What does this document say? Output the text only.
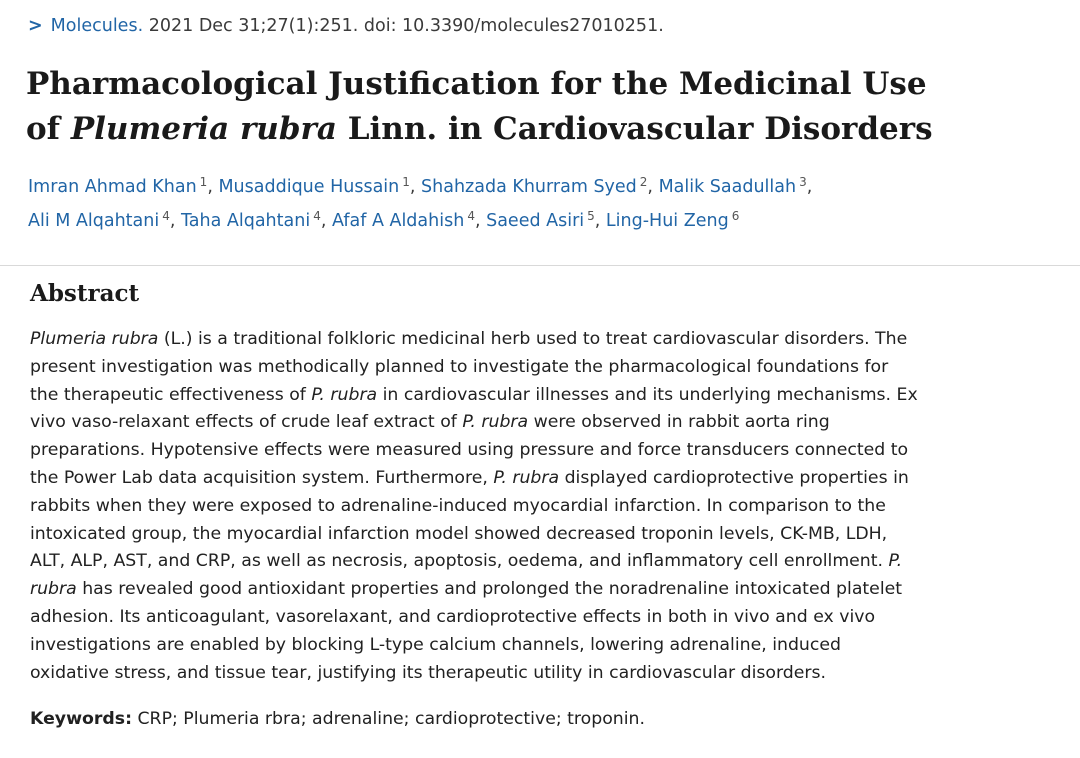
> Molecules. 2021 Dec 31;27(1):251. doi: 10.3390/molecules27010251.
Pharmacological Justification for the Medicinal Use
of Plumeria rubra Linn. in Cardiovascular Disorders
Imran Ahmad Khan $^1$, Musaddique Hussain $^1$, Shahzada Khurram Syed $^2$, Malik Saadullah $^3$,
Ali M Alqahtani $^4$, Taha Alqahtani $^4$, Afaf A Aldahish $^4$, Saeed Asiri $^5$, Ling-Hui Zeng $^6$
Abstract
Plumeria rubra (L.) is a traditional folkloric medicinal herb used to treat cardiovascular disorders. The
present investigation was methodically planned to investigate the pharmacological foundations for
the therapeutic effectiveness of P. rubra in cardiovascular illnesses and its underlying mechanisms. Ex
vivo vaso-relaxant effects of crude leaf extract of P. rubra were observed in rabbit aorta ring
preparations. Hypotensive effects were measured using pressure and force transducers connected to
the Power Lab data acquisition system. Furthermore, P. rubra displayed cardioprotective properties in
rabbits when they were exposed to adrenaline-induced myocardial infarction. In comparison to the
intoxicated group, the myocardial infarction model showed decreased troponin levels, CK-MB, LDH,
ALT, ALP, AST, and CRP, as well as necrosis, apoptosis, oedema, and inflammatory cell enrollment. P.
rubra has revealed good antioxidant properties and prolonged the noradrenaline intoxicated platelet
adhesion. Its anticoagulant, vasorelaxant, and cardioprotective effects in both in vivo and ex vivo
investigations are enabled by blocking L-type calcium channels, lowering adrenaline, induced
oxidative stress, and tissue tear, justifying its therapeutic utility in cardiovascular disorders.
Keywords: CRP; Plumeria rbra; adrenaline; cardioprotective; troponin.
